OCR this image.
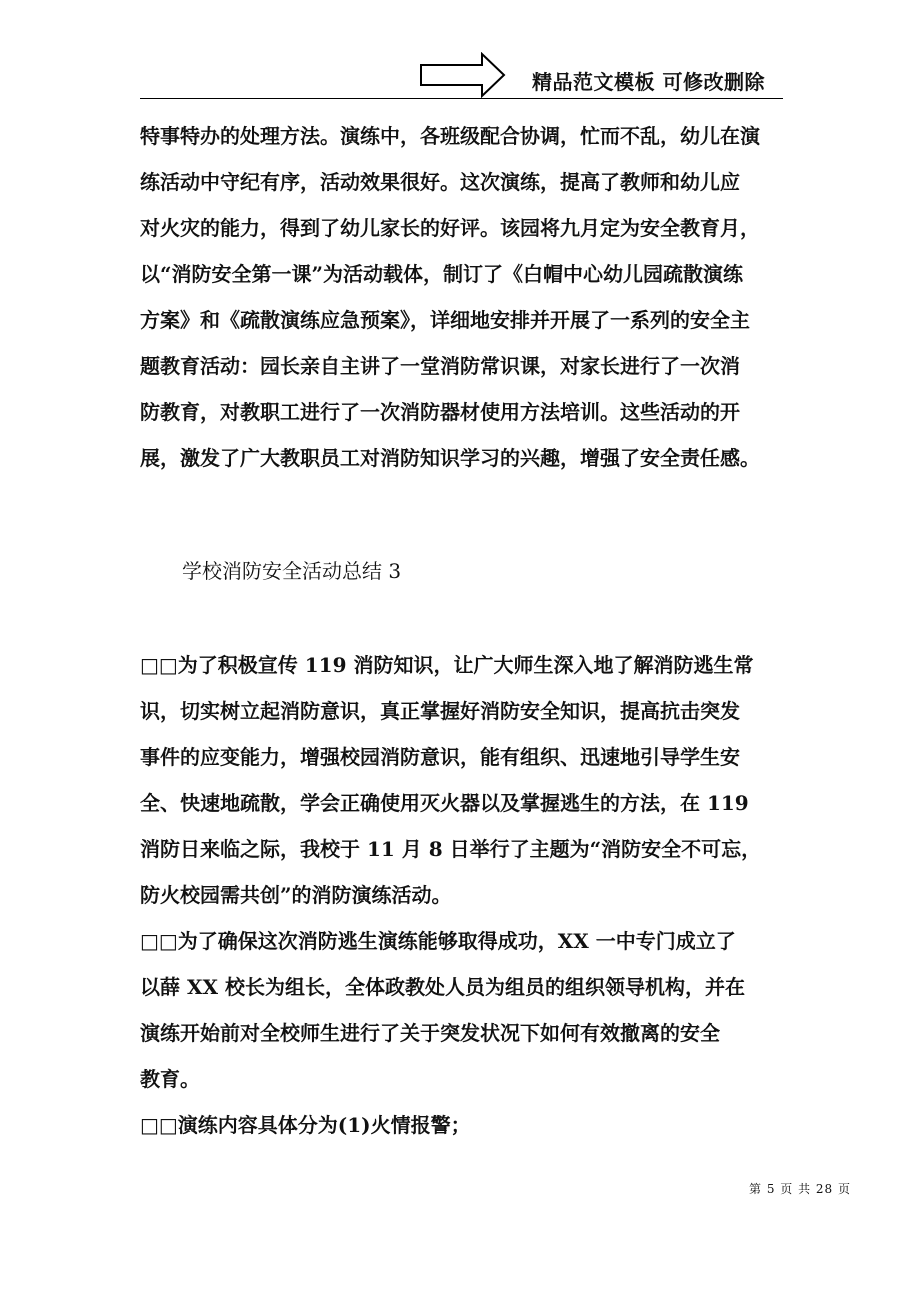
精品范文模板 可修改删除
特事特办的处理方法。演练中，各班级配合协调，忙而不乱，幼儿在演
练活动中守纪有序，活动效果很好。这次演练，提高了教师和幼儿应
对火灾的能力，得到了幼儿家长的好评。该园将九月定为安全教育月，
以“消防安全第一课”为活动载体，制订了《白帽中心幼儿园疏散演练
方案》和《疏散演练应急预案》，详细地安排并开展了一系列的安全主
题教育活动：园长亲自主讲了一堂消防常识课，对家长进行了一次消
防教育，对教职工进行了一次消防器材使用方法培训。这些活动的开
展，激发了广大教职员工对消防知识学习的兴趣，增强了安全责任感。
学校消防安全活动总结 3
□□为了积极宣传 119 消防知识，让广大师生深入地了解消防逃生常
识，切实树立起消防意识，真正掌握好消防安全知识，提高抗击突发
事件的应变能力，增强校园消防意识，能有组织、迅速地引导学生安
全、快速地疏散，学会正确使用灭火器以及掌握逃生的方法，在 119
消防日来临之际，我校于 11 月 8 日举行了主题为“消防安全不可忘，
防火校园需共创”的消防演练活动。
□□为了确保这次消防逃生演练能够取得成功，XX 一中专门成立了
以薛 XX 校长为组长，全体政教处人员为组员的组织领导机构，并在
演练开始前对全校师生进行了关于突发状况下如何有效撤离的安全
教育。
□□演练内容具体分为(1)火情报警；
第 5 页 共 28 页
